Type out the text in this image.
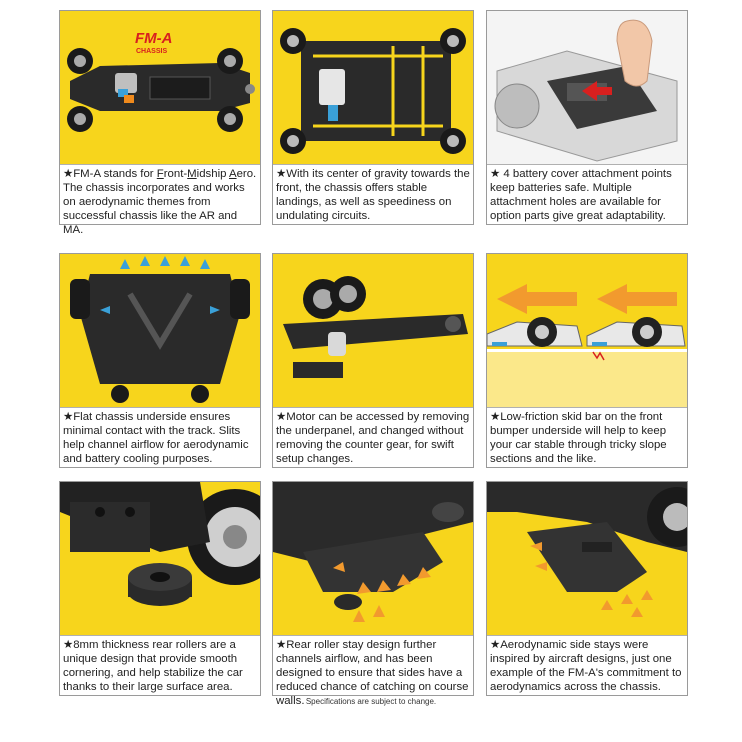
FM-A
CHASSIS

★FM-A stands for Front-Midship Aero. The chassis incorporates and works on aerodynamic themes from successful chassis like the AR and MA.

★With its center of gravity towards the front, the chassis offers stable landings, as well as speediness on undulating circuits.

★ 4 battery cover attachment points keep batteries safe. Multiple attachment holes are available for option parts give great adaptability.

★Flat chassis underside ensures minimal contact with the track. Slits help channel airflow for aerodynamic and battery cooling purposes.

★Motor can be accessed by removing the underpanel, and changed without removing the counter gear, for swift setup changes.

★Low-friction skid bar on the front bumper underside will help to keep your car stable through tricky slope sections and the like.

★8mm thickness rear rollers are a unique design that provide smooth cornering, and help stabilize the car thanks to their large surface area.

★Rear roller stay design further channels airflow, and has been designed to ensure that sides have a reduced chance of catching on course walls.

★Aerodynamic side stays were inspired by aircraft designs, just one example of the FM-A's commitment to aerodynamics across the chassis.

Specifications are subject to change.
